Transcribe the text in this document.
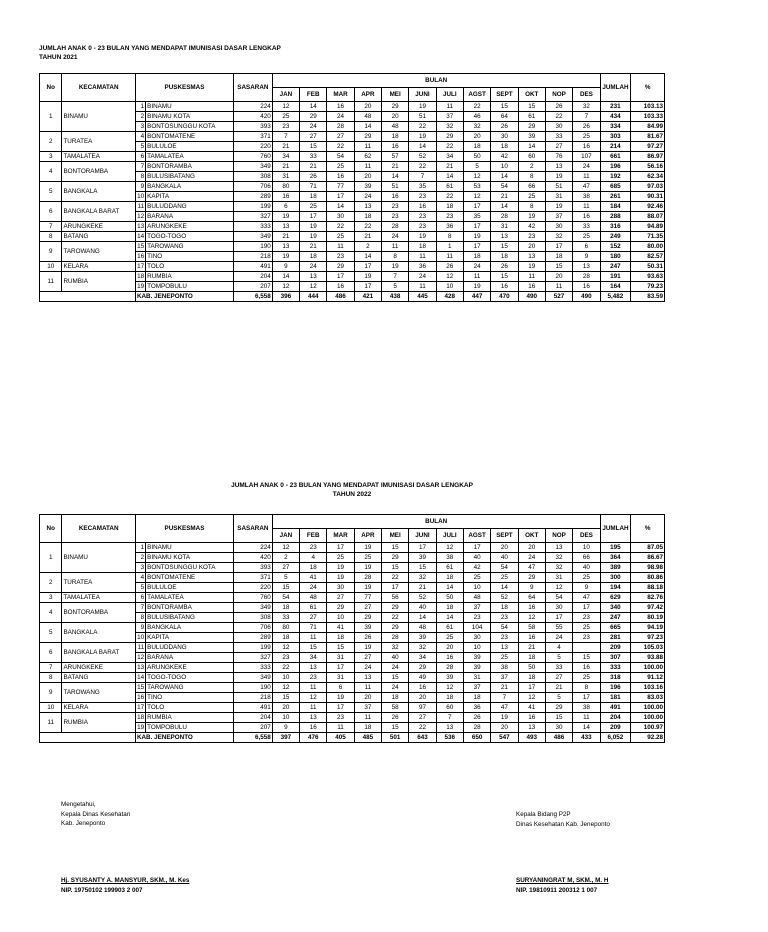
JUMLAH ANAK 0 - 23 BULAN YANG MENDAPAT IMUNISASI DASAR LENGKAP
TAHUN 2021
No	KECAMATAN	PUSKESMAS		SASARAN	BULAN												JUMLAH	%
					JAN	FEB	MAR	APR	MEI	JUNI	JULI	AGST	SEPT	OKT	NOP	DES		
1	BINAMU	1	BINAMU	224	12	14	16	20	29	19	11	22	15	15	26	32	231	103.13
		2	BINAMU KOTA	420	25	29	24	48	20	51	37	46	64	61	22	7	434	103.33
		3	BONTOSUNGGU KOTA	393	23	24	28	14	48	22	32	32	26	29	30	26	334	84.99
2	TURATEA	4	BONTOMATENE	371	7	27	27	29	18	19	29	20	30	39	33	25	303	81.67
		5	BULULOE	220	21	15	22	11	16	14	22	18	18	14	27	16	214	97.27
3	TAMALATEA	6	TAMALATEA	760	34	33	54	62	57	52	34	50	42	60	76	107	661	86.97
4	BONTORAMBA	7	BONTORAMBA	349	21	21	25	11	21	22	21	5	10	2	13	24	196	56.16
		8	BULUSIBATANG	308	31	26	16	20	14	7	14	12	14	8	19	11	192	62.34
5	BANGKALA	9	BANGKALA	706	80	71	77	39	51	35	61	53	54	66	51	47	685	97.03
		10	KAPITA	289	16	18	17	24	16	23	22	12	21	25	31	38	261	90.31
6	BANGKALA BARAT	11	BULUDDANG	199	6	25	14	13	23	16	18	17	14	8	19	11	184	92.46
		12	BARANA	327	19	17	30	18	23	23	23	35	28	19	37	16	288	88.07
7	ARUNGKEKE	13	ARUNGKEKE	333	13	19	22	22	28	23	36	17	31	42	30	33	316	94.89
8	BATANG	14	TOGO-TOGO	349	21	19	25	21	24	19	8	19	13	23	32	25	249	71.35
9	TAROWANG	15	TAROWANG	190	13	21	11	2	11	18	1	17	15	20	17	6	152	80.00
		16	TINO	218	19	18	23	14	8	11	11	18	18	13	18	9	180	82.57
10	KELARA	17	TOLO	491	9	24	29	17	19	36	26	24	26	19	15	13	247	50.31
11	RUMBIA	18	RUMBIA	204	14	13	17	19	7	24	12	11	15	11	20	28	191	93.63
		19	TOMPOBULU	207	12	12	16	17	5	11	10	19	16	16	11	16	164	79.23
		KAB. JENEPONTO		6,558	396	444	486	421	438	445	428	447	470	490	527	490	5,482	83.59
JUMLAH ANAK 0 - 23 BULAN YANG MENDAPAT IMUNISASI DASAR LENGKAP
TAHUN 2022
No	KECAMATAN	PUSKESMAS		SASARAN	BULAN												JUMLAH	%
					JAN	FEB	MAR	APR	MEI	JUNI	JULI	AGST	SEPT	OKT	NOP	DES		
1	BINAMU	1	BINAMU	224	12	23	17	19	15	17	12	17	20	20	13	10	195	87.05
		2	BINAMU KOTA	420	2	4	25	25	29	39	38	40	40	24	32	66	364	86.67
		3	BONTOSUNGGU KOTA	393	27	18	19	19	15	15	61	42	54	47	32	40	389	98.98
2	TURATEA	4	BONTOMATENE	371	5	41	19	28	22	32	18	25	25	29	31	25	300	80.86
		5	BULULOE	220	15	24	30	19	17	21	14	10	14	9	12	9	194	88.18
3	TAMALATEA	6	TAMALATEA	760	54	48	27	77	56	52	50	48	52	64	54	47	629	82.76
4	BONTORAMBA	7	BONTORAMBA	349	18	61	29	27	29	40	18	37	18	16	30	17	340	97.42
		8	BULUSIBATANG	308	33	27	10	29	22	14	14	23	23	12	17	23	247	80.19
5	BANGKALA	9	BANGKALA	706	80	71	41	39	29	48	61	104	54	58	55	25	665	94.19
		10	KAPITA	289	18	11	18	26	28	39	25	30	23	16	24	23	281	97.23
6	BANGKALA BARAT	11	BULUDDANG	199	12	15	15	19	32	32	20	10	13	21	4		209	105.03
		12	BARANA	327	23	34	31	27	40	34	16	39	25	18	5	15	307	93.88
7	ARUNGKEKE	13	ARUNGKEKE	333	22	13	17	24	24	29	28	39	38	50	33	16	333	100.00
8	BATANG	14	TOGO-TOGO	349	10	23	31	13	15	49	39	31	37	18	27	25	318	91.12
9	TAROWANG	15	TAROWANG	190	12	11	6	11	24	16	12	37	21	17	21	8	196	103.16
		16	TINO	218	15	12	19	20	18	20	18	18	7	12	5	17	181	83.03
10	KELARA	17	TOLO	491	20	11	17	37	58	97	60	36	47	41	29	38	491	100.00
11	RUMBIA	18	RUMBIA	204	10	13	23	11	26	27	7	26	19	16	15	11	204	100.00
		19	TOMPOBULU	207	9	16	11	18	15	22	13	28	20	13	30	14	209	100.97
		KAB. JENEPONTO		6,558	397	476	405	485	501	643	536	650	547	493	486	433	6,052	92.28
Mengetahui,
Kepala Dinas Kesehatan
Kab. Jeneponto
Hj. SYUSANTY A. MANSYUR, SKM., M. Kes
NIP. 19750102 199903 2 007
Kepala Bidang P2P
Dinas Kesehatan Kab. Jeneponto
SURYANINGRAT M, SKM., M. H
NIP. 19810911 200312 1 007
